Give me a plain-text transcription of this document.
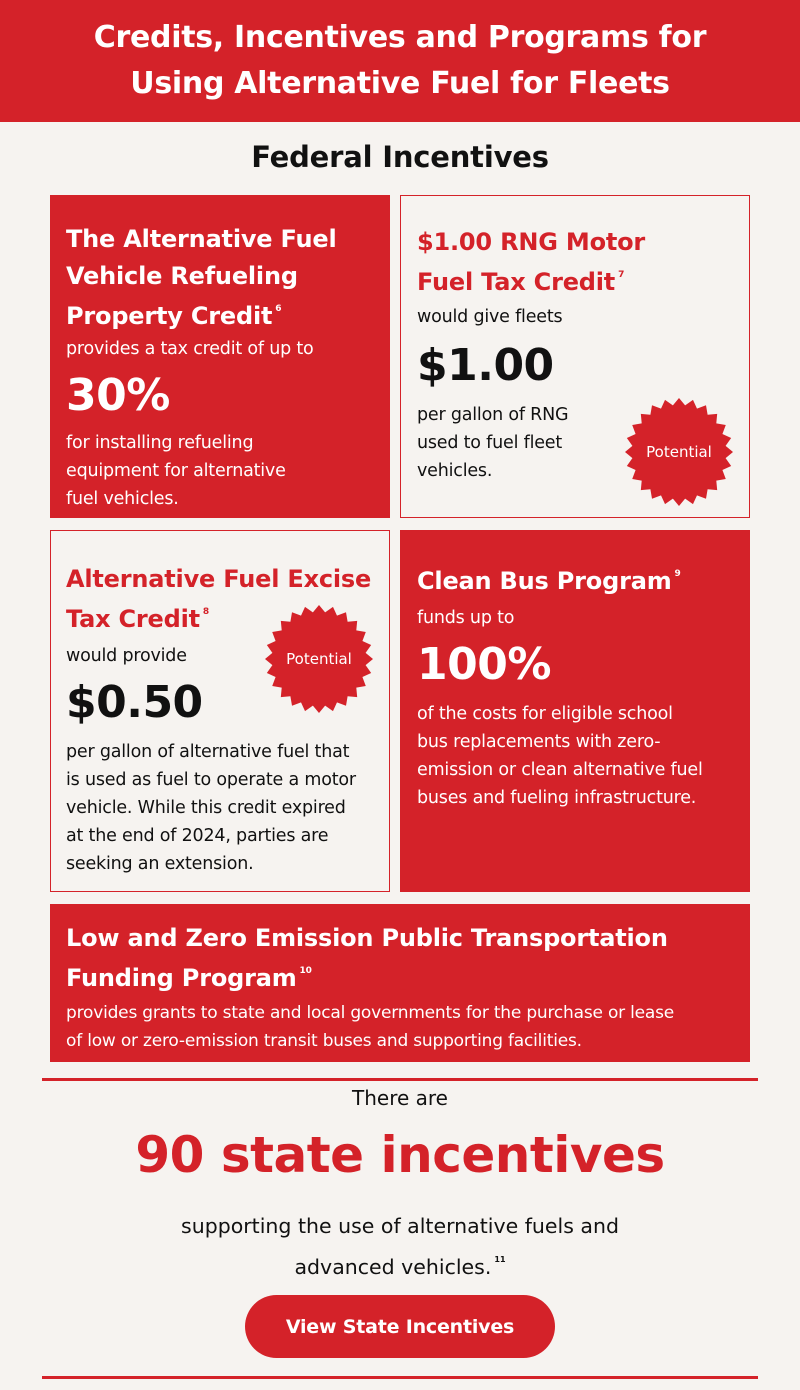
Credits, Incentives and Programs for
Using Alternative Fuel for Fleets
Federal Incentives
The Alternative Fuel
Vehicle Refueling
Property Credit $^6$
provides a tax credit of up to
30%
for installing refueling
equipment for alternative
fuel vehicles.
$1.00 RNG Motor
Fuel Tax Credit $^7$
would give fleets
$1.00
per gallon of RNG
used to fuel fleet
vehicles.
Potential
Alternative Fuel Excise
Tax Credit $^8$
would provide
$0.50
per gallon of alternative fuel that
is used as fuel to operate a motor
vehicle. While this credit expired
at the end of 2024, parties are
seeking an extension.
Potential
Clean Bus Program $^9$
funds up to
100%
of the costs for eligible school
bus replacements with zero-
emission or clean alternative fuel
buses and fueling infrastructure.
Low and Zero Emission Public Transportation
Funding Program $^{10}$
provides grants to state and local governments for the purchase or lease
of low or zero-emission transit buses and supporting facilities.
There are
90 state incentives
supporting the use of alternative fuels and
advanced vehicles. $^{11}$
View State Incentives
